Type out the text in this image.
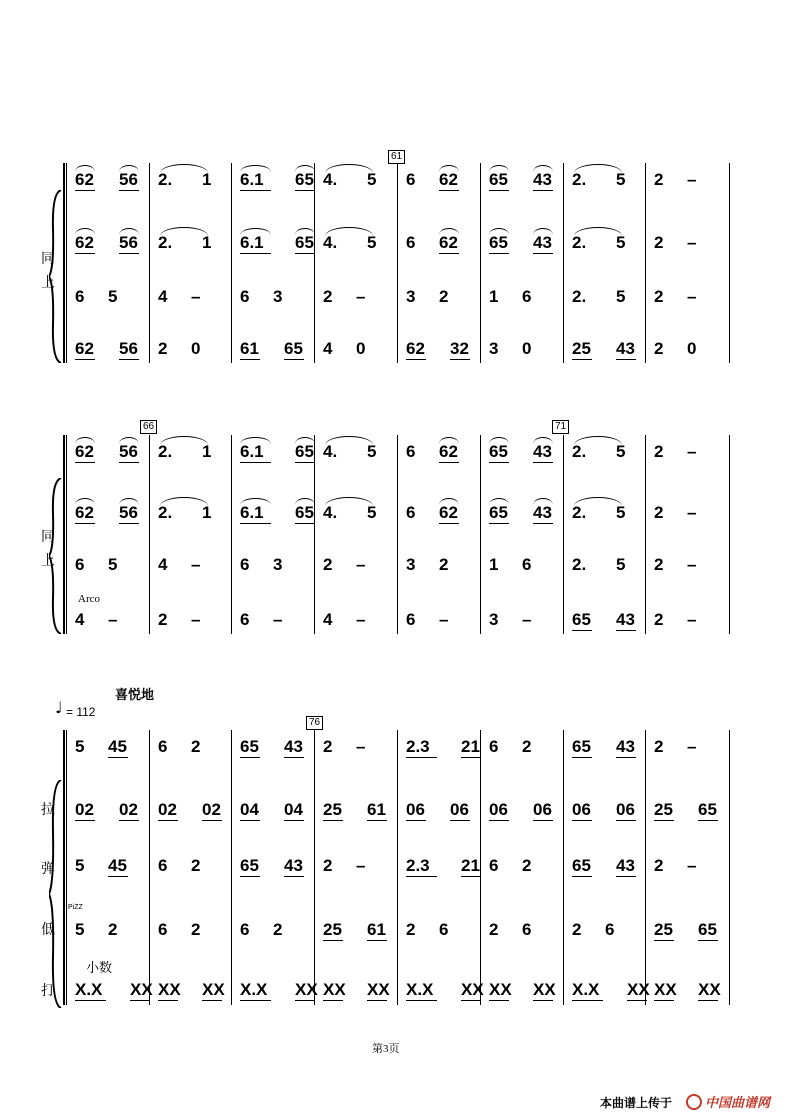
62 56 2. 1 6.1 65 4. 5 6 62 65 43 2. 5 2 –
62 56 2. 1 6.1 65 4. 5 6 62 65 43 2. 5 2 –
6 5 4 – 6 3 2 – 3 2 1 6 2. 5 2 –
62 56 2 0 61 65 4 0 62 32 3 0 25 43 2 0
62 56 2. 1 6.1 65 4. 5 6 62 65 43 2. 5 2 –
62 56 2. 1 6.1 65 4. 5 6 62 65 43 2. 5 2 –
6 5 4 – 6 3 2 – 3 2 1 6 2. 5 2 –
4 – 2 – 6 – 4 – 6 – 3 – 65 43 2 –
5 45 6 2 65 43 2 – 2.3 21 6 2 65 43 2 –
02 02 02 02 04 04 25 61 06 06 06 06 06 06 25 65
5 45 6 2 65 43 2 – 2.3 21 6 2 65 43 2 –
5 2 6 2 6 2 25 61 2 6 2 6 2 6 25 65
X.X XX XX XX X.X XX XX XX X.X XX XX XX X.X XX XX XX
第3页
本曲谱上传于	中国曲谱网
喜悦地
♩ = 112
Arco
PiZZ
小数
同
上
同
上
拉
弹
低
打
61
66	71
76
